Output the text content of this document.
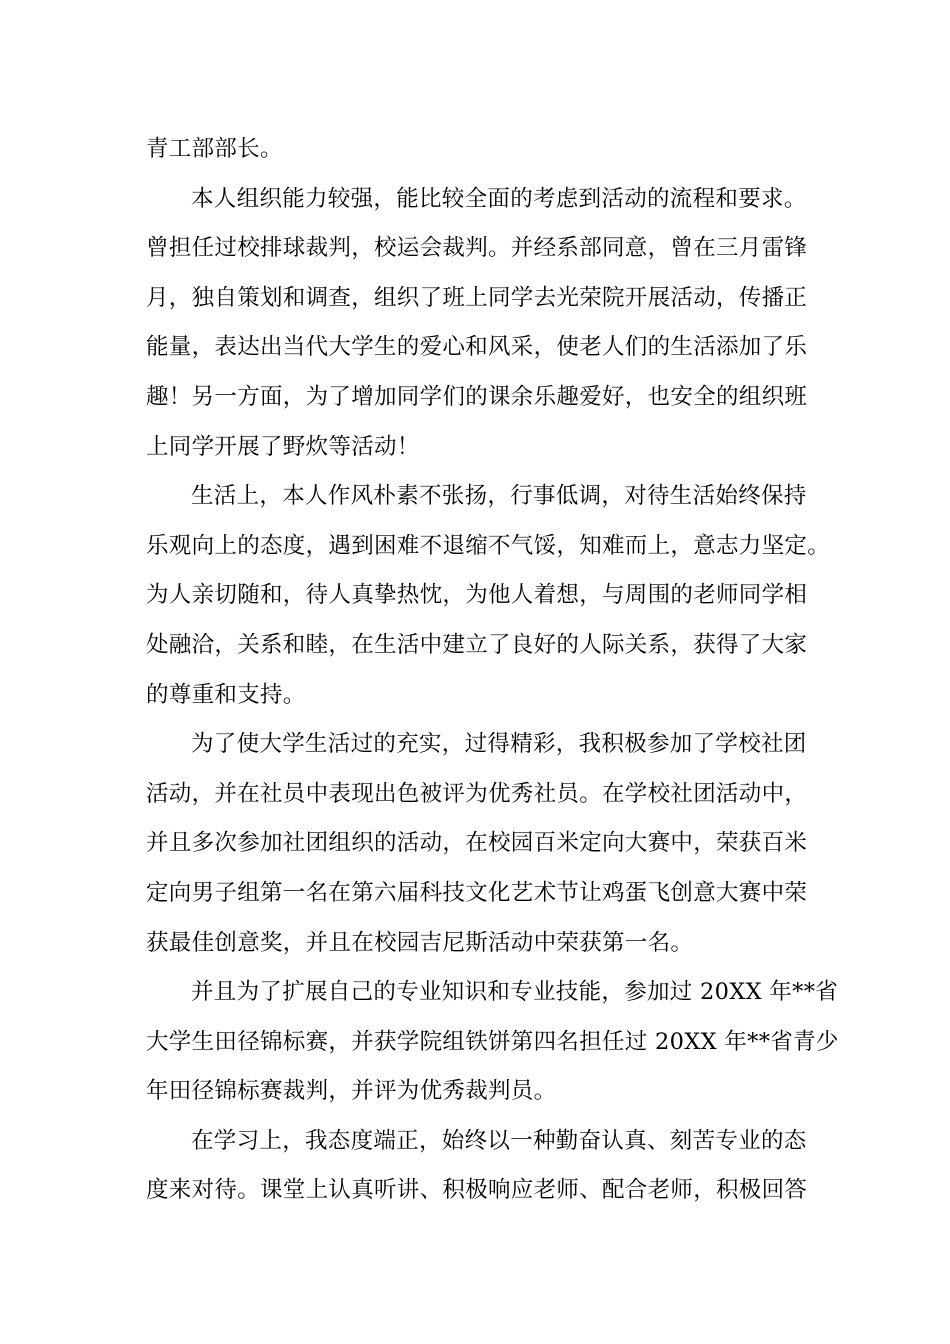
青工部部长。
本人组织能力较强，能比较全面的考虑到活动的流程和要求。
曾担任过校排球裁判，校运会裁判。并经系部同意，曾在三月雷锋
月，独自策划和调查，组织了班上同学去光荣院开展活动，传播正
能量，表达出当代大学生的爱心和风采，使老人们的生活添加了乐
趣！另一方面，为了增加同学们的课余乐趣爱好，也安全的组织班
上同学开展了野炊等活动！
生活上，本人作风朴素不张扬，行事低调，对待生活始终保持
乐观向上的态度，遇到困难不退缩不气馁，知难而上，意志力坚定。
为人亲切随和，待人真挚热忱，为他人着想，与周围的老师同学相
处融洽，关系和睦，在生活中建立了良好的人际关系，获得了大家
的尊重和支持。
为了使大学生活过的充实，过得精彩，我积极参加了学校社团
活动，并在社员中表现出色被评为优秀社员。在学校社团活动中，
并且多次参加社团组织的活动，在校园百米定向大赛中，荣获百米
定向男子组第一名在第六届科技文化艺术节让鸡蛋飞创意大赛中荣
获最佳创意奖，并且在校园吉尼斯活动中荣获第一名。
并且为了扩展自己的专业知识和专业技能，参加过 20XX 年**省
大学生田径锦标赛，并获学院组铁饼第四名担任过 20XX 年**省青少
年田径锦标赛裁判，并评为优秀裁判员。
在学习上，我态度端正，始终以一种勤奋认真、刻苦专业的态
度来对待。课堂上认真听讲、积极响应老师、配合老师，积极回答
